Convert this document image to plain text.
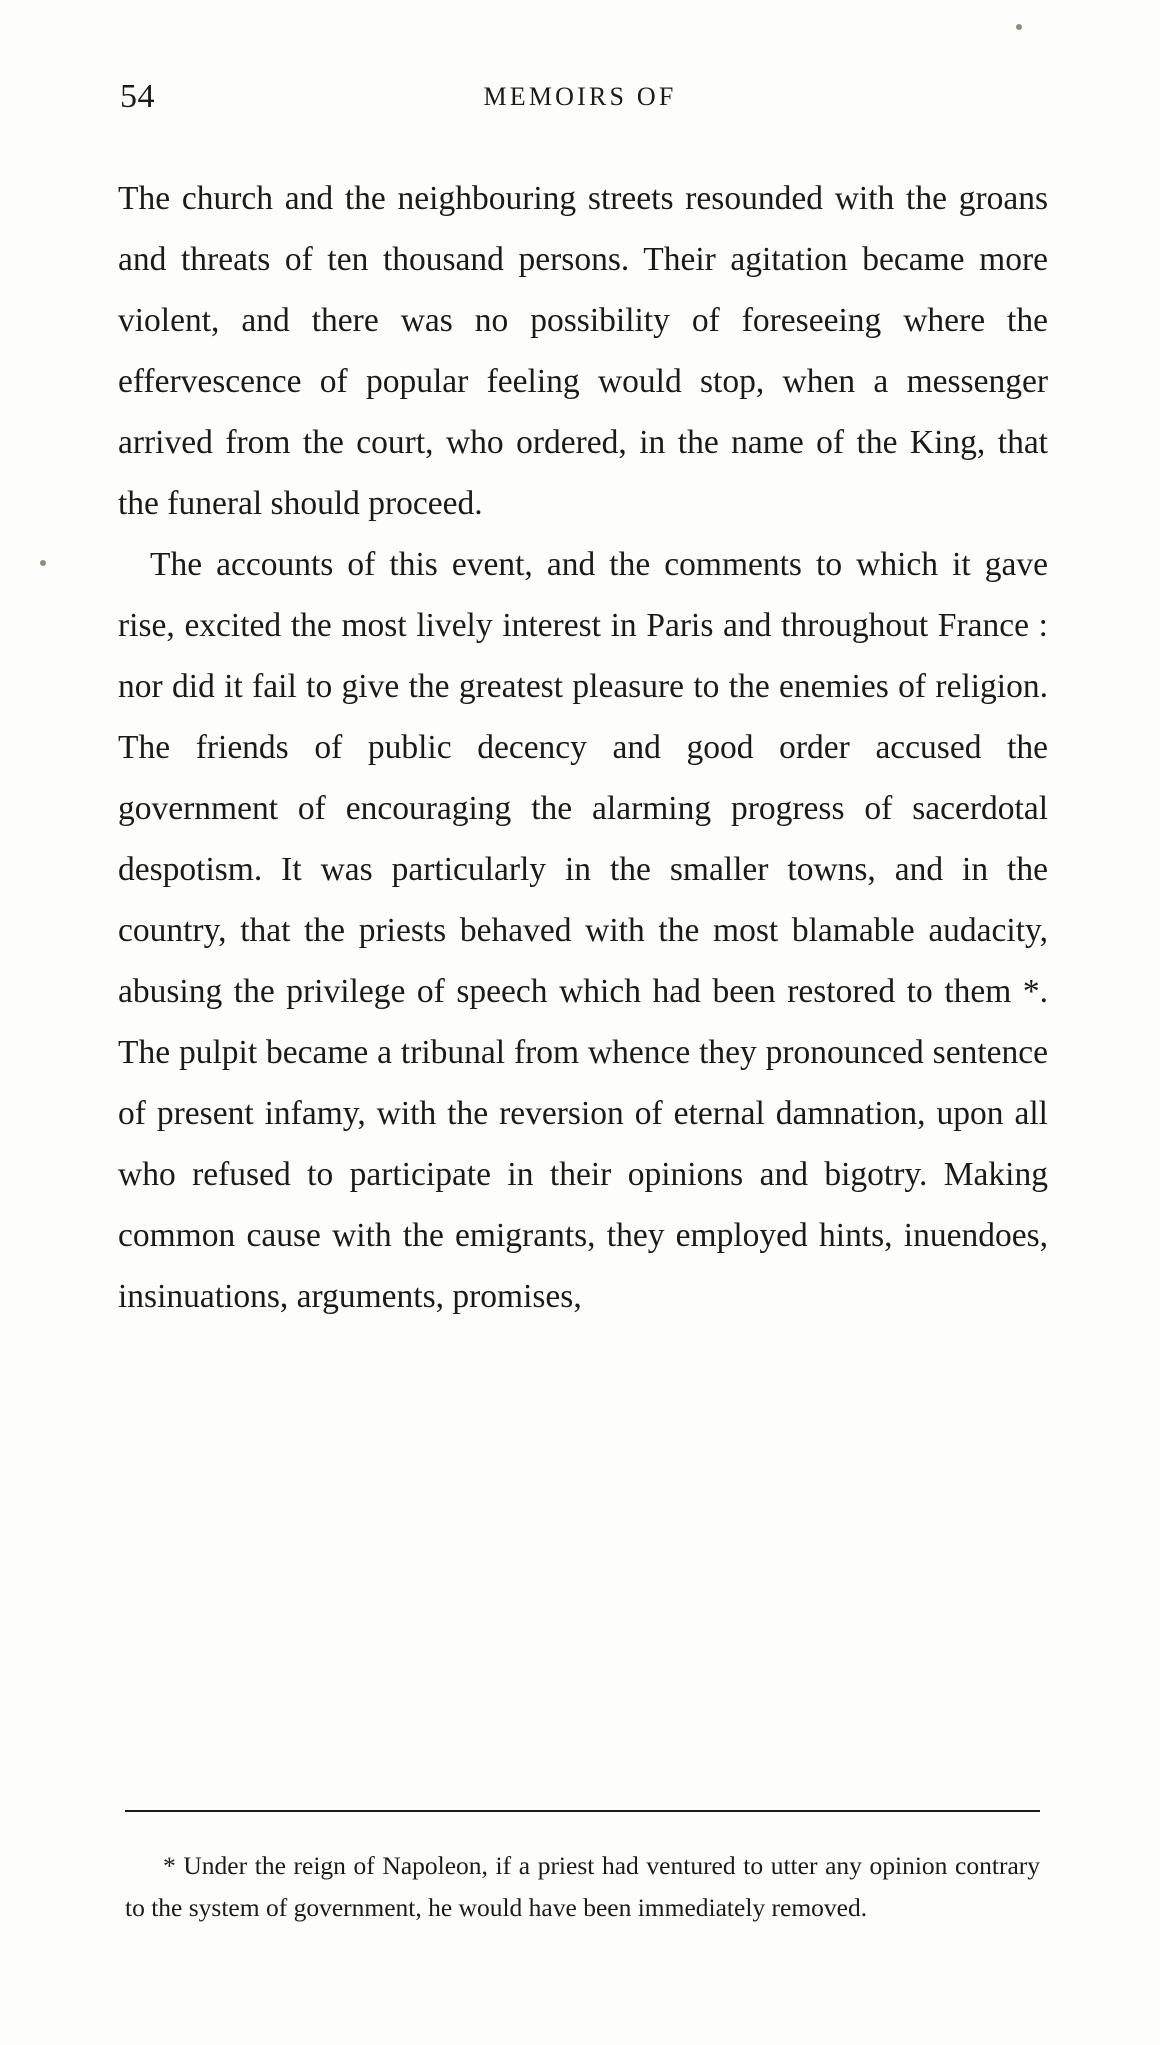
54	MEMOIRS OF

The church and the neighbouring streets resounded with the groans and threats of ten thousand persons. Their agitation became more violent, and there was no possibility of foreseeing where the effervescence of popular feeling would stop, when a messenger arrived from the court, who ordered, in the name of the King, that the funeral should proceed.

The accounts of this event, and the comments to which it gave rise, excited the most lively interest in Paris and throughout France : nor did it fail to give the greatest pleasure to the enemies of religion. The friends of public decency and good order accused the government of encouraging the alarming progress of sacerdotal despotism. It was particularly in the smaller towns, and in the country, that the priests behaved with the most blamable audacity, abusing the privilege of speech which had been restored to them *. The pulpit became a tribunal from whence they pronounced sentence of present infamy, with the reversion of eternal damnation, upon all who refused to participate in their opinions and bigotry. Making common cause with the emigrants, they employed hints, inuendoes, insinuations, arguments, promises,

* Under the reign of Napoleon, if a priest had ventured to utter any opinion contrary to the system of government, he would have been immediately removed.
